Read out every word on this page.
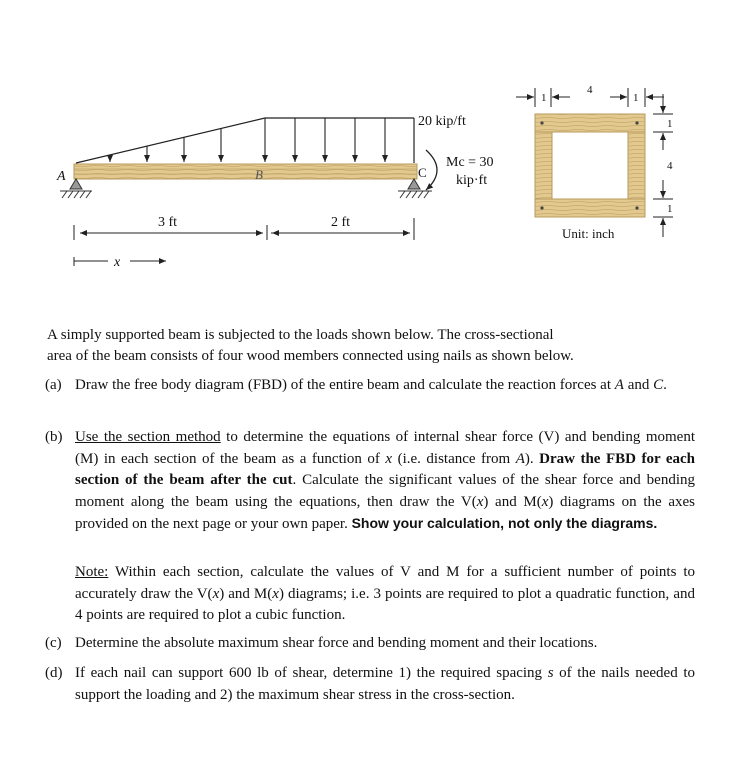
20 kip/ft
A	B	C
Mc = 30
kip·ft
3 ft	2 ft
x
1
4
1
1
4
1
Unit: inch
A simply supported beam is subjected to the loads shown below. The cross-sectional
area of the beam consists of four wood members connected using nails as shown below.
(a) Draw the free body diagram (FBD) of the entire beam and calculate the reaction forces at A and C.
(b) Use the section method to determine the equations of internal shear force (V) and bending moment (M) in each section of the beam as a function of x (i.e. distance from A). Draw the FBD for each section of the beam after the cut. Calculate the significant values of the shear force and bending moment along the beam using the equations, then draw the V(x) and M(x) diagrams on the axes provided on the next page or your own paper. Show your calculation, not only the diagrams.
Note: Within each section, calculate the values of V and M for a sufficient number of points to accurately draw the V(x) and M(x) diagrams; i.e. 3 points are required to plot a quadratic function, and 4 points are required to plot a cubic function.
(c) Determine the absolute maximum shear force and bending moment and their locations.
(d) If each nail can support 600 lb of shear, determine 1) the required spacing s of the nails needed to support the loading and 2) the maximum shear stress in the cross-section.
